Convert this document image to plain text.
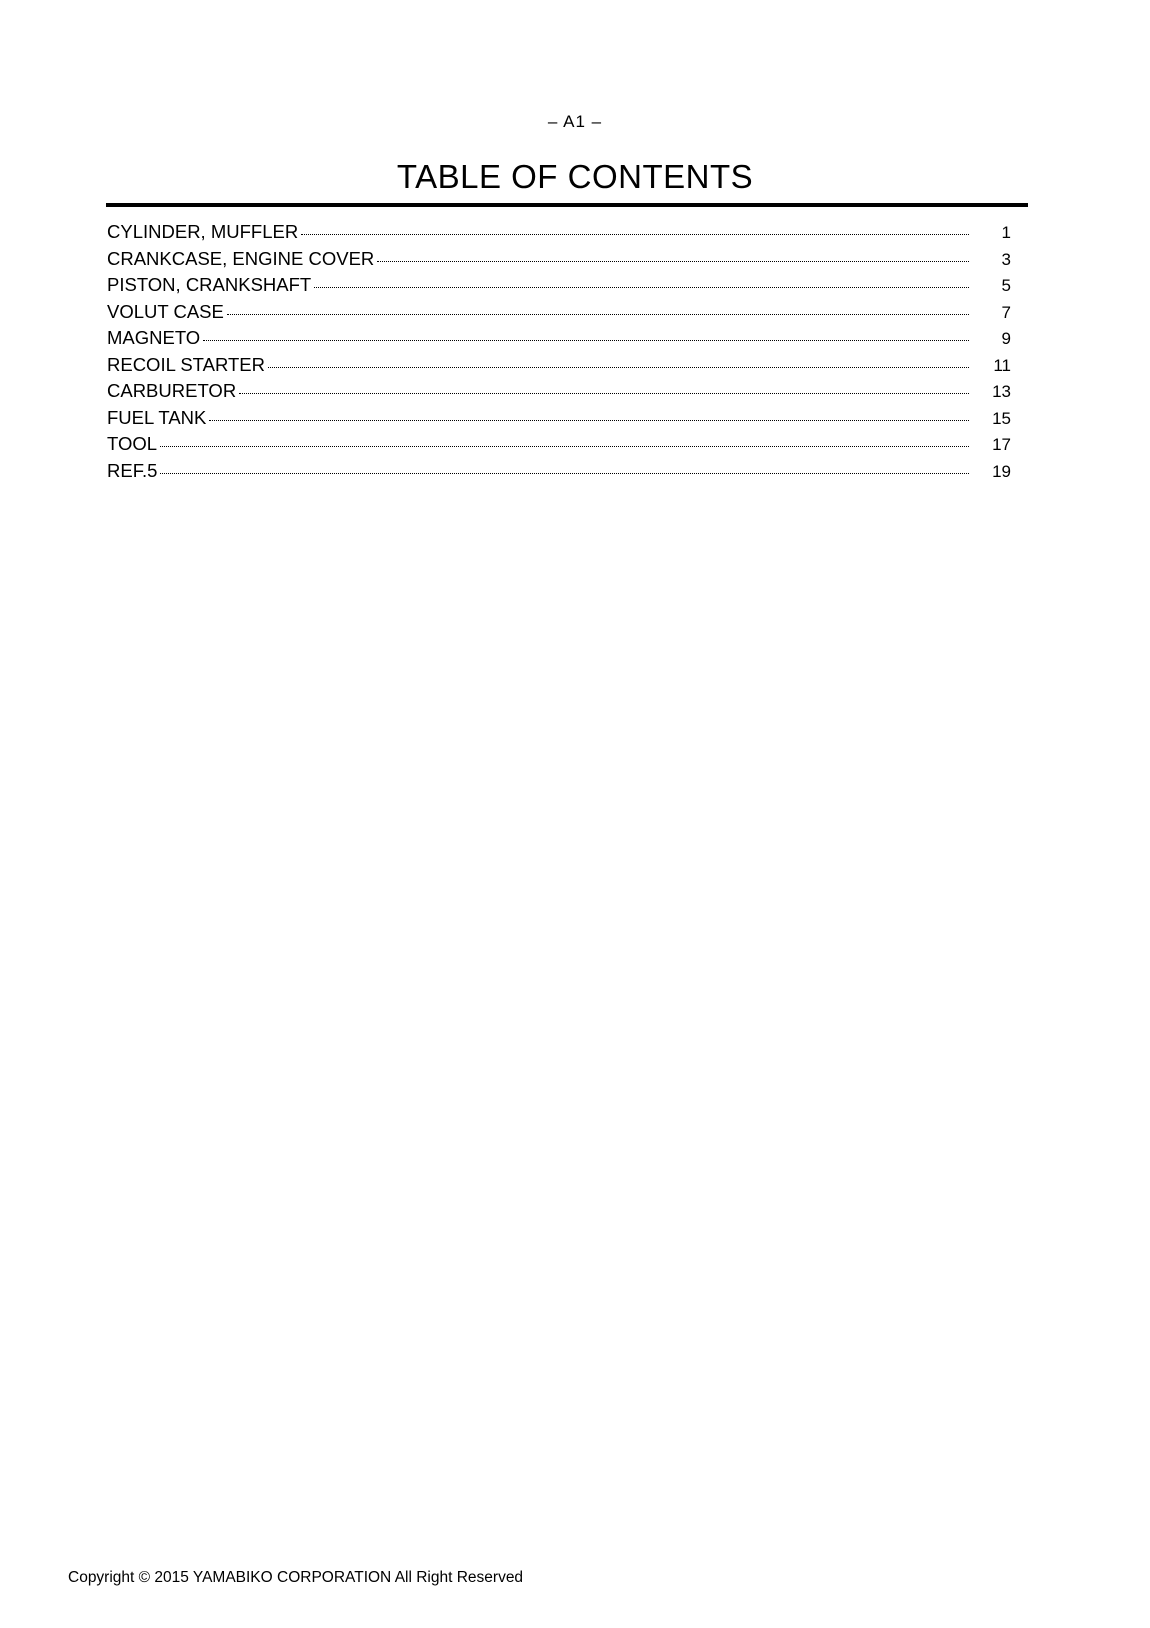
– A1 –
TABLE OF CONTENTS
CYLINDER, MUFFLER	1
CRANKCASE, ENGINE COVER	3
PISTON, CRANKSHAFT	5
VOLUT CASE	7
MAGNETO	9
RECOIL STARTER	11
CARBURETOR	13
FUEL TANK	15
TOOL	17
REF.5	19
Copyright © 2015 YAMABIKO CORPORATION All Right Reserved
